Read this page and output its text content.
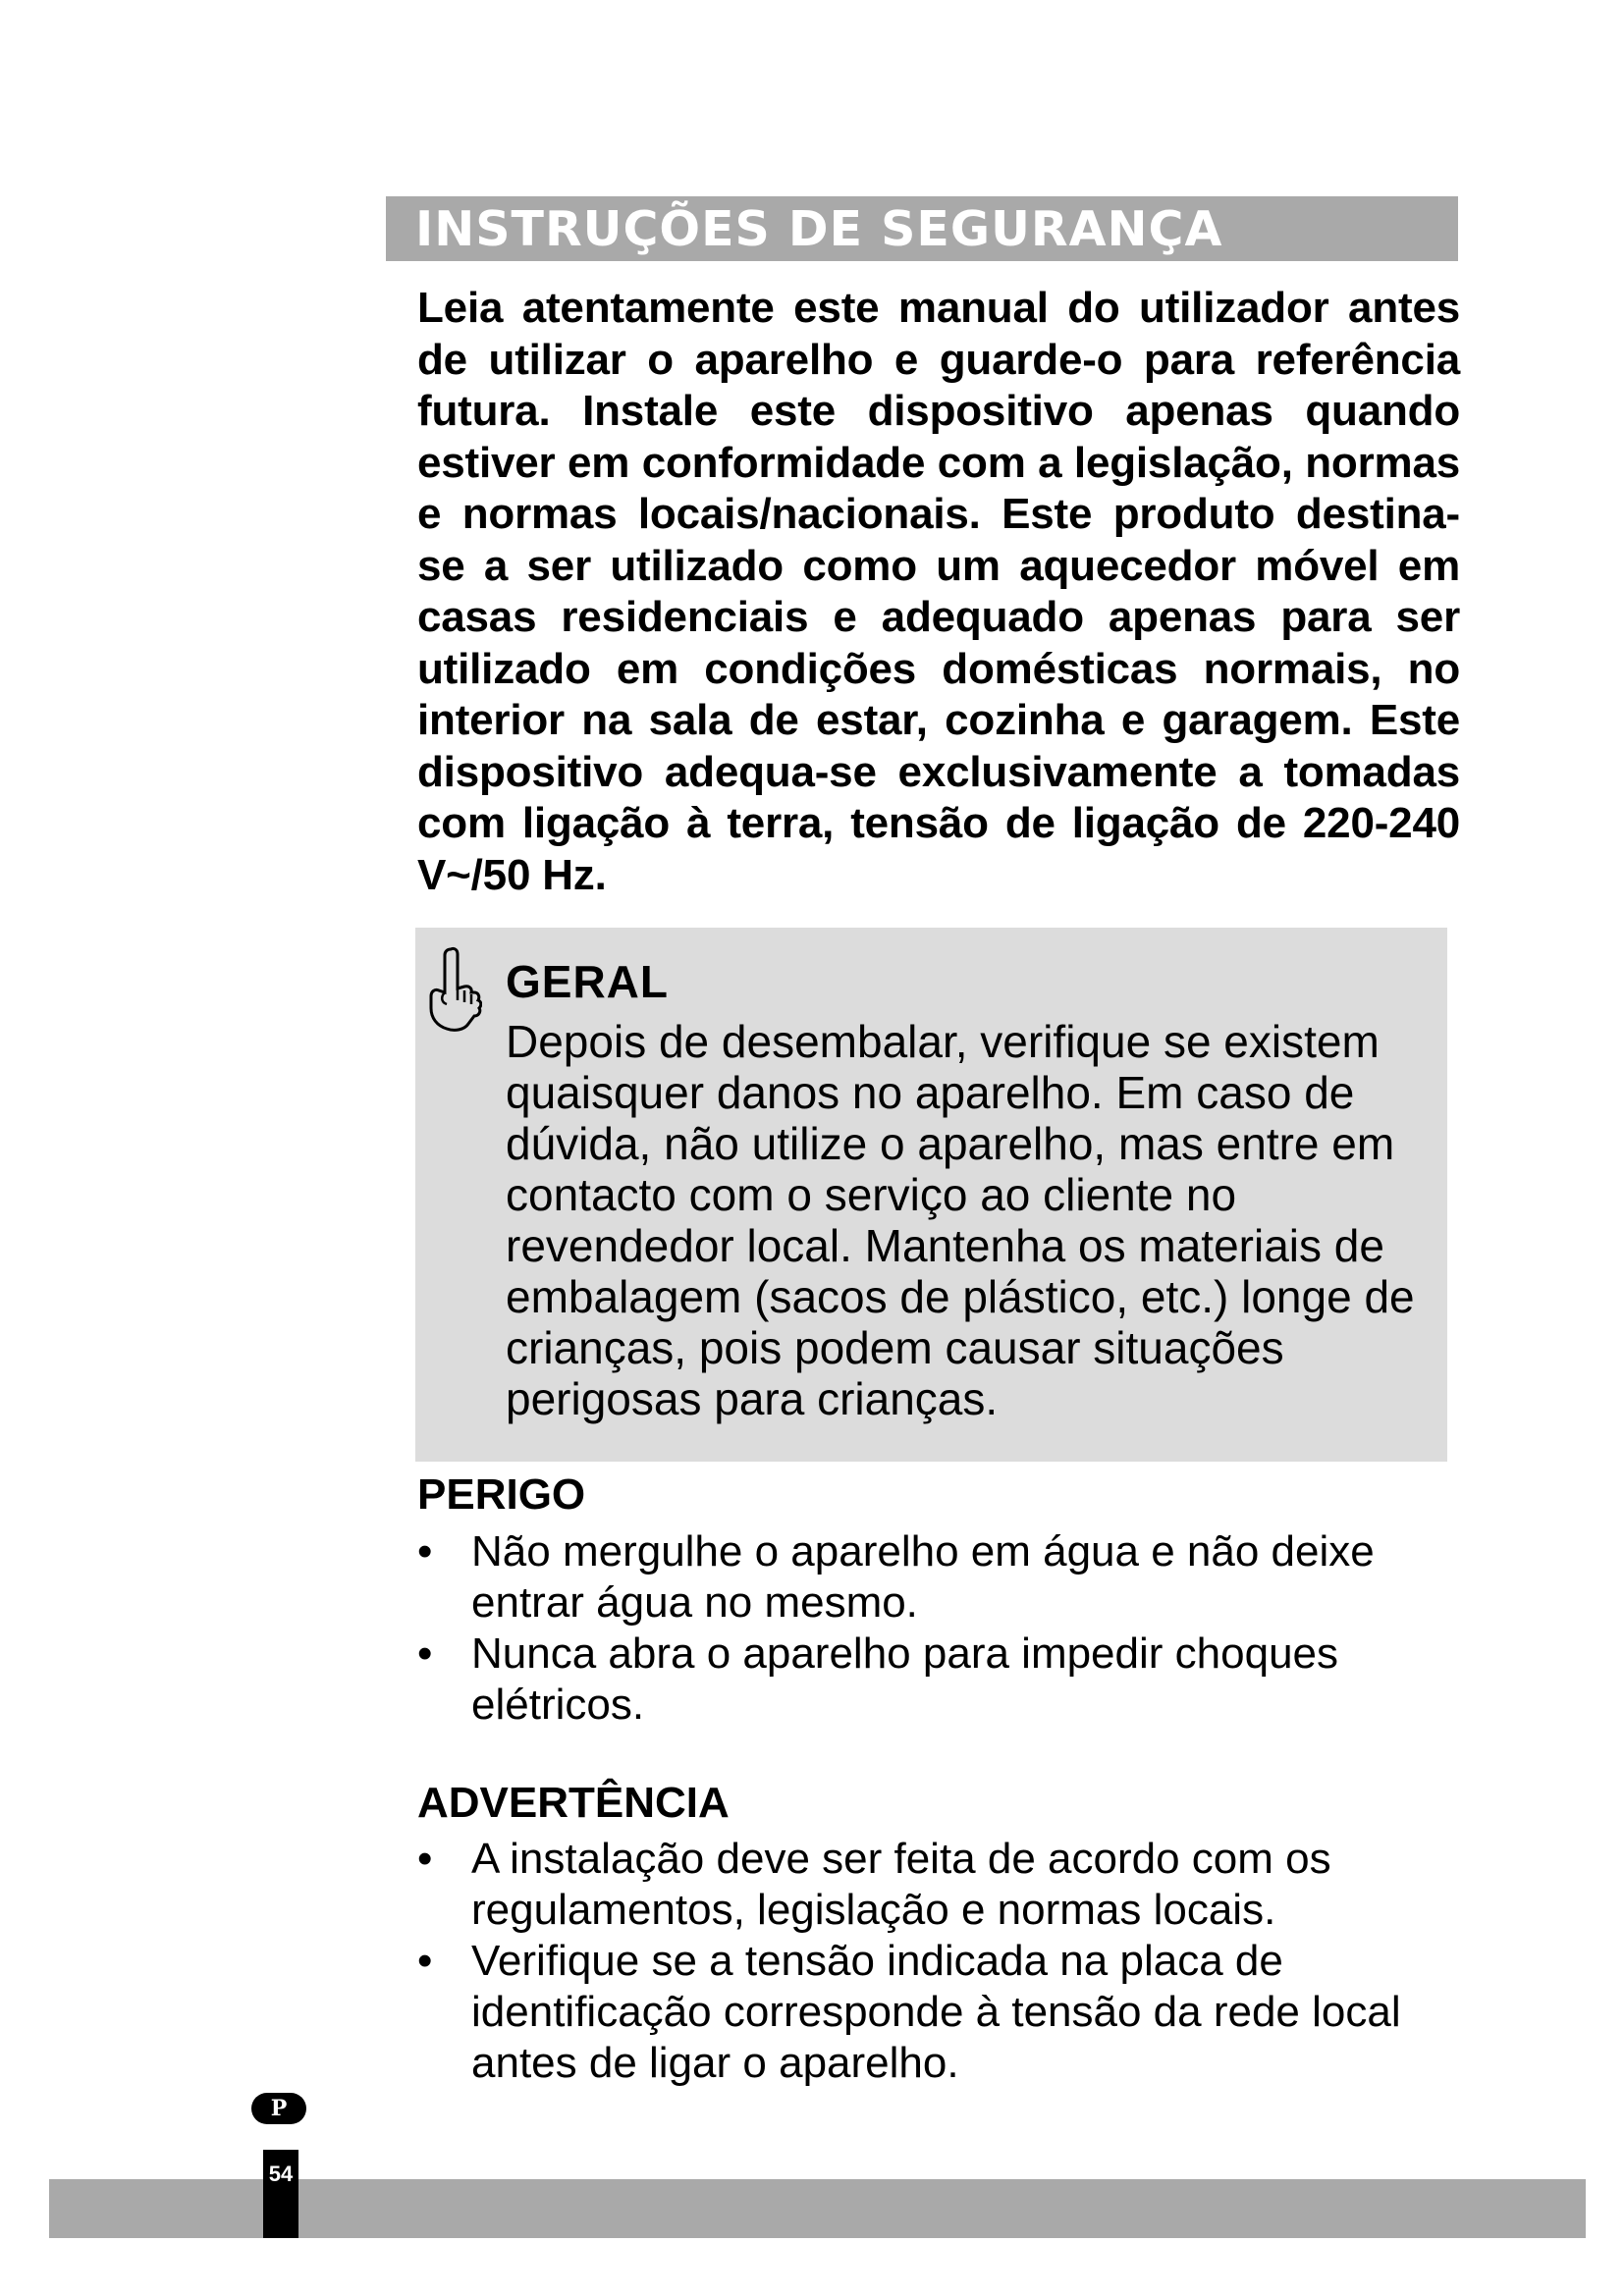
INSTRUÇÕES DE SEGURANÇA
Leia atentamente este manual do utilizador antes de utilizar o aparelho e guarde-o para referência futura. Instale este dispositivo apenas quando estiver em conformidade com a legislação, normas e normas locais/nacionais. Este produto destina-se a ser utilizado como um aquecedor móvel em casas residenciais e adequado apenas para ser utilizado em condições domésticas normais, no interior na sala de estar, cozinha e garagem. Este dispositivo adequa-se exclusivamente a tomadas com ligação à terra, tensão de ligação de 220-240 V~/50 Hz.
GERAL
Depois de desembalar, verifique se existem quaisquer danos no aparelho. Em caso de dúvida, não utilize o aparelho, mas entre em contacto com o serviço ao cliente no revendedor local. Mantenha os materiais de embalagem (sacos de plástico, etc.) longe de crianças, pois podem causar situações perigosas para crianças.
PERIGO
• Não mergulhe o aparelho em água e não deixe entrar água no mesmo.
• Nunca abra o aparelho para impedir choques elétricos.
ADVERTÊNCIA
• A instalação deve ser feita de acordo com os regulamentos, legislação e normas locais.
• Verifique se a tensão indicada na placa de identificação corresponde à tensão da rede local antes de ligar o aparelho.
P
54
